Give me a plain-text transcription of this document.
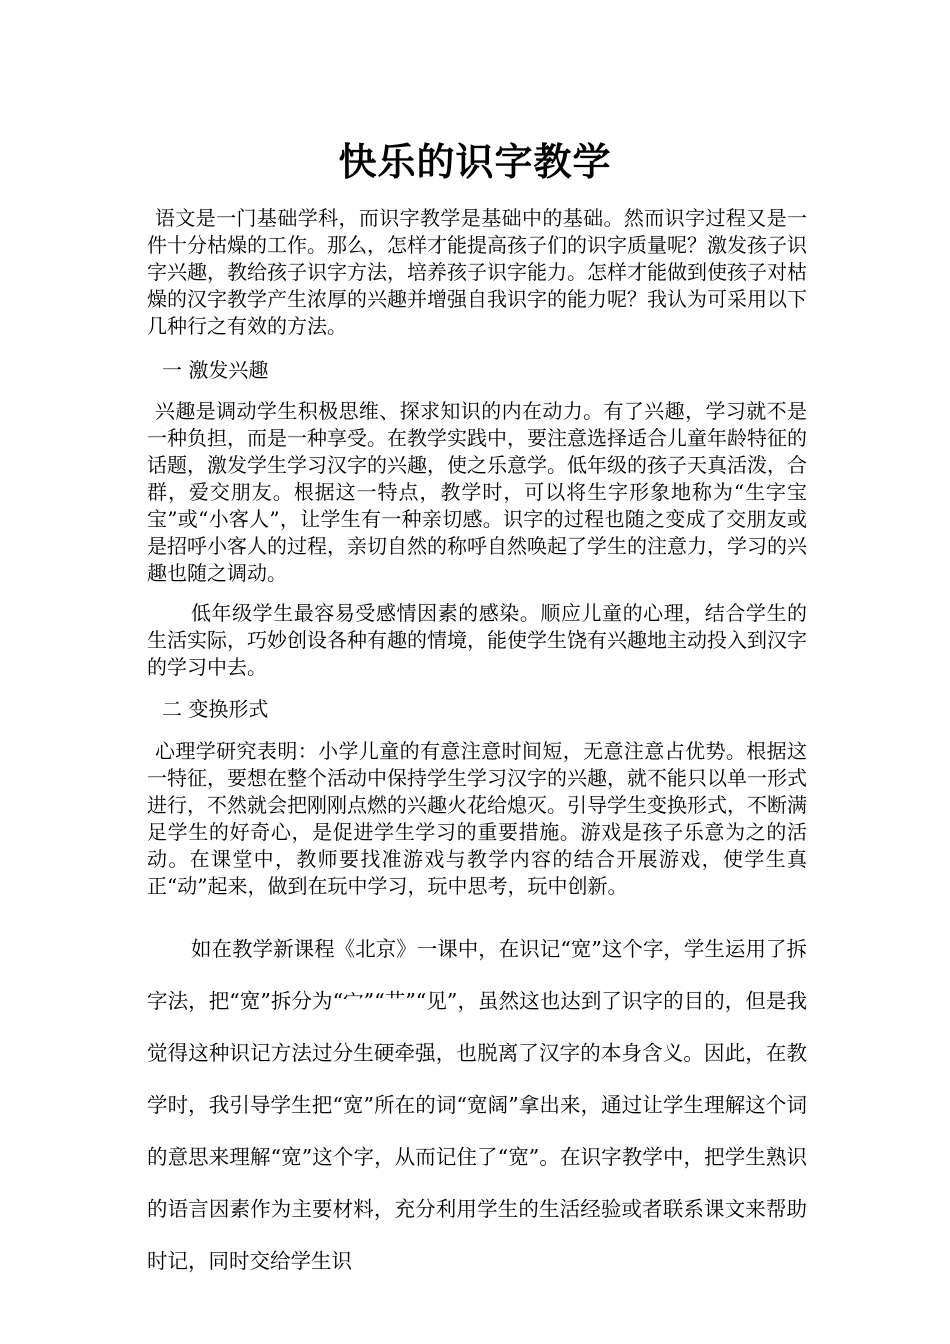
快乐的识字教学

语文是一门基础学科，而识字教学是基础中的基础。然而识字过程又是一件十分枯燥的工作。那么，怎样才能提高孩子们的识字质量呢？激发孩子识字兴趣，教给孩子识字方法，培养孩子识字能力。怎样才能做到使孩子对枯燥的汉字教学产生浓厚的兴趣并增强自我识字的能力呢？我认为可采用以下几种行之有效的方法。

一 激发兴趣

兴趣是调动学生积极思维、探求知识的内在动力。有了兴趣，学习就不是一种负担，而是一种享受。在教学实践中，要注意选择适合儿童年龄特征的话题，激发学生学习汉字的兴趣，使之乐意学。低年级的孩子天真活泼，合群，爱交朋友。根据这一特点，教学时，可以将生字形象地称为“生字宝宝”或“小客人”，让学生有一种亲切感。识字的过程也随之变成了交朋友或是招呼小客人的过程，亲切自然的称呼自然唤起了学生的注意力，学习的兴趣也随之调动。

低年级学生最容易受感情因素的感染。顺应儿童的心理，结合学生的生活实际，巧妙创设各种有趣的情境，能使学生饶有兴趣地主动投入到汉字的学习中去。

二 变换形式

心理学研究表明：小学儿童的有意注意时间短，无意注意占优势。根据这一特征，要想在整个活动中保持学生学习汉字的兴趣，就不能只以单一形式进行，不然就会把刚刚点燃的兴趣火花给熄灭。引导学生变换形式，不断满足学生的好奇心，是促进学生学习的重要措施。游戏是孩子乐意为之的活动。在课堂中，教师要找准游戏与教学内容的结合开展游戏，使学生真正“动”起来，做到在玩中学习，玩中思考，玩中创新。

如在教学新课程《北京》一课中，在识记“宽”这个字，学生运用了拆字法，把“宽”拆分为“宀”“艹”“见”，虽然这也达到了识字的目的，但是我觉得这种识记方法过分生硬牵强，也脱离了汉字的本身含义。因此，在教学时，我引导学生把“宽”所在的词“宽阔”拿出来，通过让学生理解这个词的意思来理解“宽”这个字，从而记住了“宽”。在识字教学中，把学生熟识的语言因素作为主要材料，充分利用学生的生活经验或者联系课文来帮助时记，同时交给学生识
